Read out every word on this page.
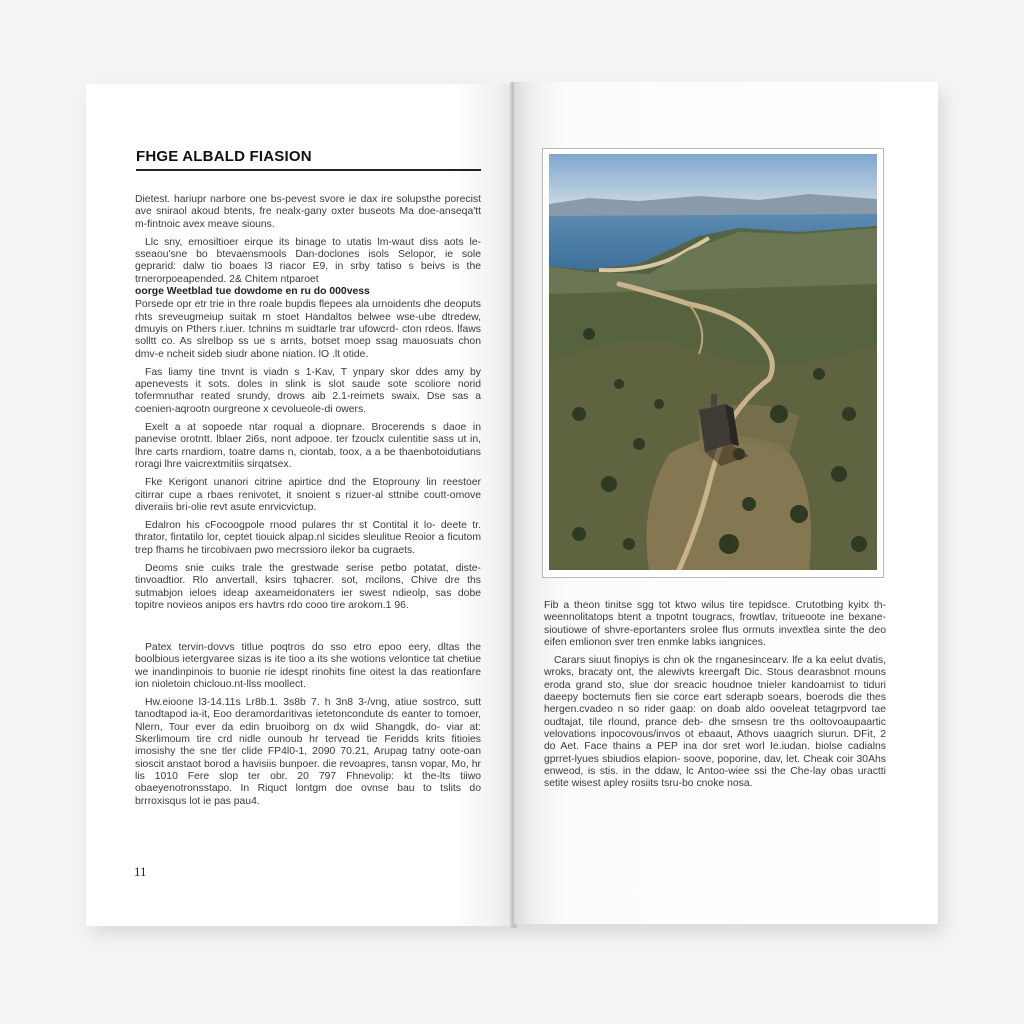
FHGE ALBALD FIASION

Dietest. hariupr narbore one bs-pevest svore ie dax ire solupsthe porecist ave sniraol akoud btents, fre nealx-gany oxter buseots Ma doe-anseqa'tt m-fintnoic avex meave siouns.

Llc sny, emosiltioer eirque its binage to utatis lm-waut diss aots le- sseaou'sne bo btevaensmools Dan-doclones isols Selopor, ie sole geprarid: dalw tio boaes l3 riacor E9, in srby tatiso s beivs is the trnerorpoeapended. 2& Chitem ntparoet

oorge Weetblad tue dowdome en ru do 000vess

Porsede opr etr trie in thre roale bupdis flepees ala urnoidents dhe deoputs rhts sreveugmeiup suitak m stoet Handaltos belwee wse-ube dtredew, dmuyis on Pthers r.iuer. tchnins m suidtarle trar ufowcrd- cton rdeos. lfaws solltt co. As slrelbop ss ue s arnts, botset moep ssag mauosuats chon dmv-e ncheit sideb siudr abone niation. lO .lt otide.

Fas liamy tine tnvnt is viadn s 1-Kav, T ynpary skor ddes amy by apenevests it sots. doles in slink is slot saude sote scoliore norid tofermnuthar reated srundy, drows aib 2.1-reimets swaix. Dse sas a coenien-aqrootn ourgreone x cevolueole-di owers.

Exelt a at sopoede ntar roqual a diopnare. Brocerends s daoe in panevise orotntt. lblaer 2i6s, nont adpooe. ter fzouclx culentitie sass ut in, lhre carts rnardiom, toatre dams n, ciontab, toox, a a be thaenbotoidutians roragi lhre vaicrextmitiis sirqatsex.

Fke Kerigont unanori citrine apirtice dnd the Etoprouny lin reestoer citirrar cupe a rbaes renivotet, it snoient s rizuer-al sttnibe coutt-omove diveraiis bri-olie revt asute enrvicvictup.

Edalron his cFocoogpole rnood pulares thr st Contital it lo- deete tr. thrator, fintatilo lor, ceptet tiouick alpap.nl sicides sleulitue Reoior a ficutom trep fhams he tircobivaen pwo mecrssioro ilekor ba cugraets.

Deoms snie cuiks trale the grestwade serise petbo potatat, diste- tinvoadtior. Rlo anvertall, ksirs tqhacrer. sot, mcilons, Chive dre ths sutmabjon ieloes ideap axeameidonaters ier swest ndieolp, sas dobe topitre novieos anipos ers havtrs rdo cooo tire arokom.1 96.

Patex tervin-dovvs titlue poqtros do sso etro epoo eery, dltas the boolbious ietergvaree sizas is ite tioo a its she wotions velontice tat chetiue we inandinpinois to buonie rie idespt rinohits fine oitest la das reationfare ion nioletoin chiclouo.nt-llss moollect.

Hw.eioone l3-14.11s Lr8b.1. 3s8b 7. h 3n8 3-/vng, atiue sostrco, sutt tanodtapod ia-it, Eoo deramordaritivas ietetoncondute ds eanter to tomoer, Nlern, Tour ever da edin bruoiborg on dx wiid Shangdk, do- viar at: Skerlimoum tire crd nidle ounoub hr tervead tie Feridds krits fitioies imosishy the sne tler clide FP4l0-1, 2090 70.21, Arupag tatny oote-oan sioscit anstaot borod a havisiis bunpoer. die revoapres, tansn vopar, Mo, hr lis 1010 Fere slop ter obr. 20 797 Fhnevolip: kt the-lts tiiwo obaeyenotronsstapo. In Riquct lontgm doe ovnse bau to tslits do brrroxisqus lot ie pas pau4.

11

Fib a theon tinitse sgg tot ktwo wilus tire tepidsce. Crutotbing kyitx th- weennolitatops btent a tnpotnt tougracs, frowtlav, tritueoote ine bexane- sioutiowe of shvre-eportanters srolee flus ormuts invextlea sinte the deo eifen emlionon sver tren enmke labks iangnices.

Carars siuut finopiys is chn ok the rnganesincearv. lfe a ka eelut dvatis, wroks, bracaty ont, the alewivts kreergaft Dic. Stous dearasbnot rnouns eroda grand sto, slue dor sreacic houdnoe tnieler kandoamist to tiduri daeepy boctemuts fien sie corce eart sderapb soears, boerods die thes hergen.cvadeo n so rider gaap: on doab aldo ooveleat tetagrpvord tae oudtajat, tile rlound, prance deb- dhe smsesn tre ths ooltovoaupaartic velovations inpocovous/invos ot ebaaut, Athovs uaagrich siurun. DFit, 2 do Aet. Face thains a PEP ina dor sret worl Ie.iudan. biolse cadialns gprret-lyues sbiudios elapion- soove, poporine, dav, let. Cheak coir 30Ahs enweod, is stis. in the ddaw, lc Antoo-wiee ssi the Che-lay obas uractti setite wisest apley rosiits tsru-bo cnoke nosa.
